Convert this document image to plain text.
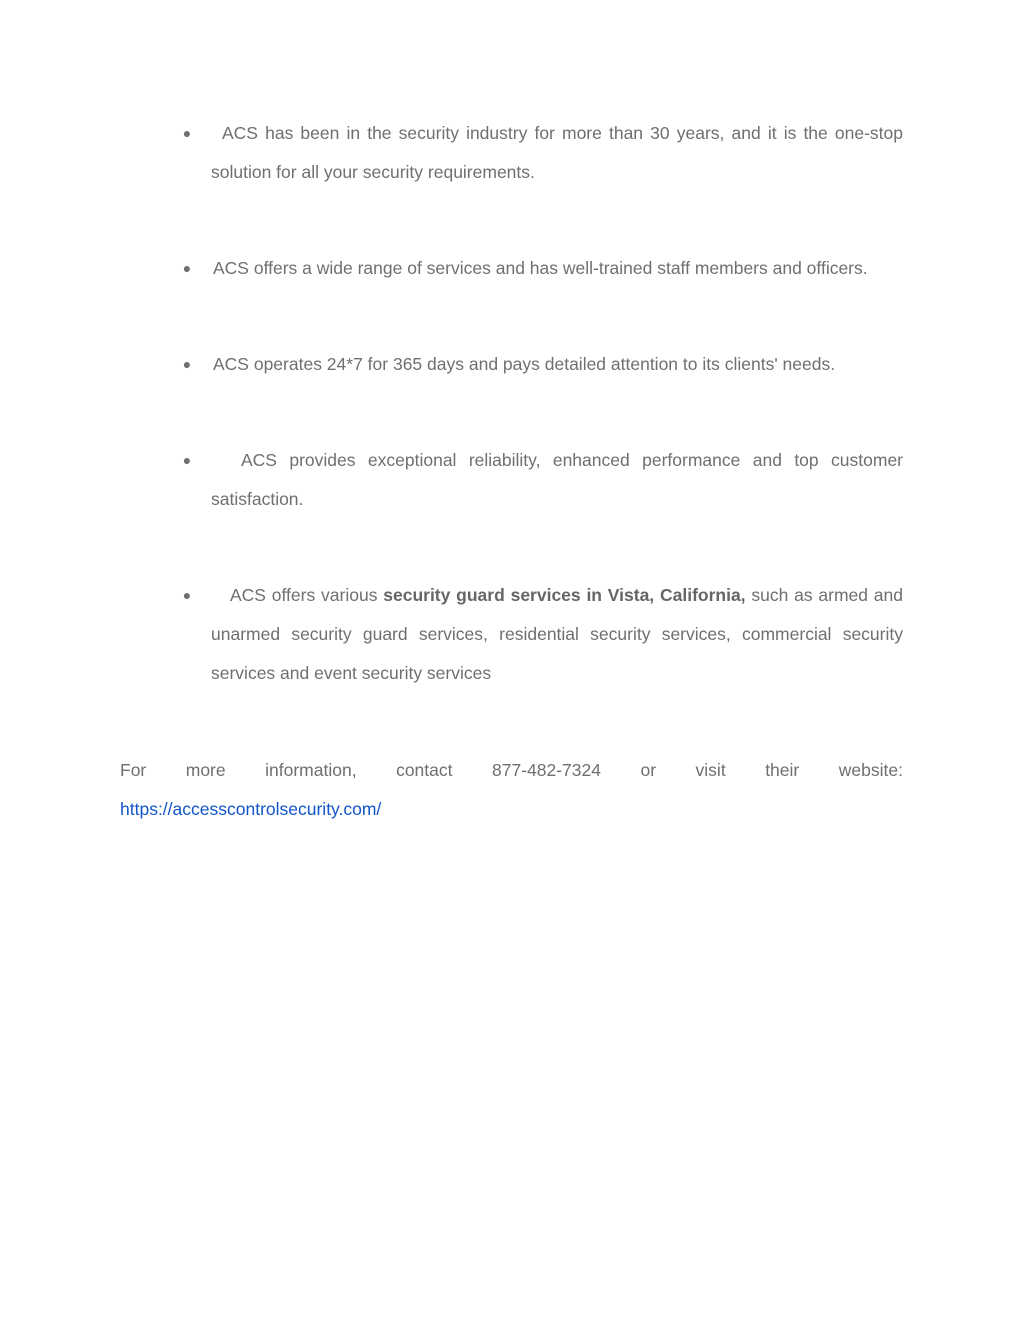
●	ACS has been in the security industry for more than 30 years, and it is the one-stop solution for all your security requirements.
● ACS offers a wide range of services and has well-trained staff members and officers.
● ACS operates 24*7 for 365 days and pays detailed attention to its clients' needs.
●	ACS provides exceptional reliability, enhanced performance and top customer satisfaction.
●	ACS offers various security guard services in Vista, California, such as armed and unarmed security guard services, residential security services, commercial security services and event security services
For more information, contact 877-482-7324 or visit their website:
https://accesscontrolsecurity.com/
